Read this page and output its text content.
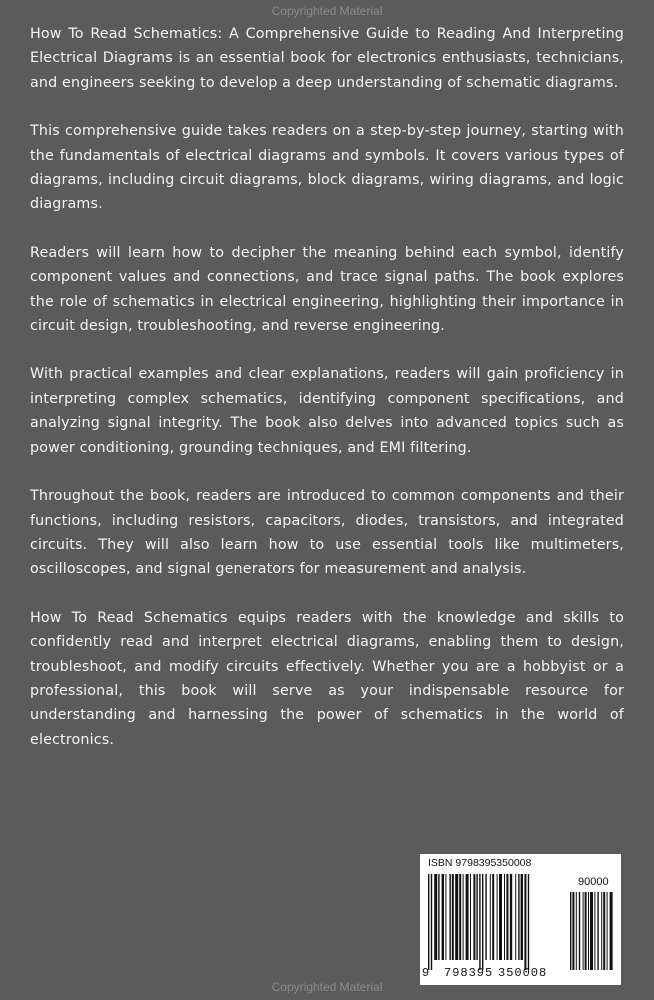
Copyrighted Material

How To Read Schematics: A Comprehensive Guide to Reading And Interpreting Electrical Diagrams is an essential book for electronics enthusiasts, technicians, and engineers seeking to develop a deep understanding of schematic diagrams.

This comprehensive guide takes readers on a step-by-step journey, starting with the fundamentals of electrical diagrams and symbols. It covers various types of diagrams, including circuit diagrams, block diagrams, wiring diagrams, and logic diagrams.

Readers will learn how to decipher the meaning behind each symbol, identify component values and connections, and trace signal paths. The book explores the role of schematics in electrical engineering, highlighting their importance in circuit design, troubleshooting, and reverse engineering.

With practical examples and clear explanations, readers will gain proficiency in interpreting complex schematics, identifying component specifications, and analyzing signal integrity. The book also delves into advanced topics such as power conditioning, grounding techniques, and EMI filtering.

Throughout the book, readers are introduced to common components and their functions, including resistors, capacitors, diodes, transistors, and integrated circuits. They will also learn how to use essential tools like multimeters, oscilloscopes, and signal generators for measurement and analysis.

How To Read Schematics equips readers with the knowledge and skills to confidently read and interpret electrical diagrams, enabling them to design, troubleshoot, and modify circuits effectively. Whether you are a hobbyist or a professional, this book will serve as your indispensable resource for understanding and harnessing the power of schematics in the world of electronics.

ISBN 9798395350008
90000
9 798395 350008
Copyrighted Material
